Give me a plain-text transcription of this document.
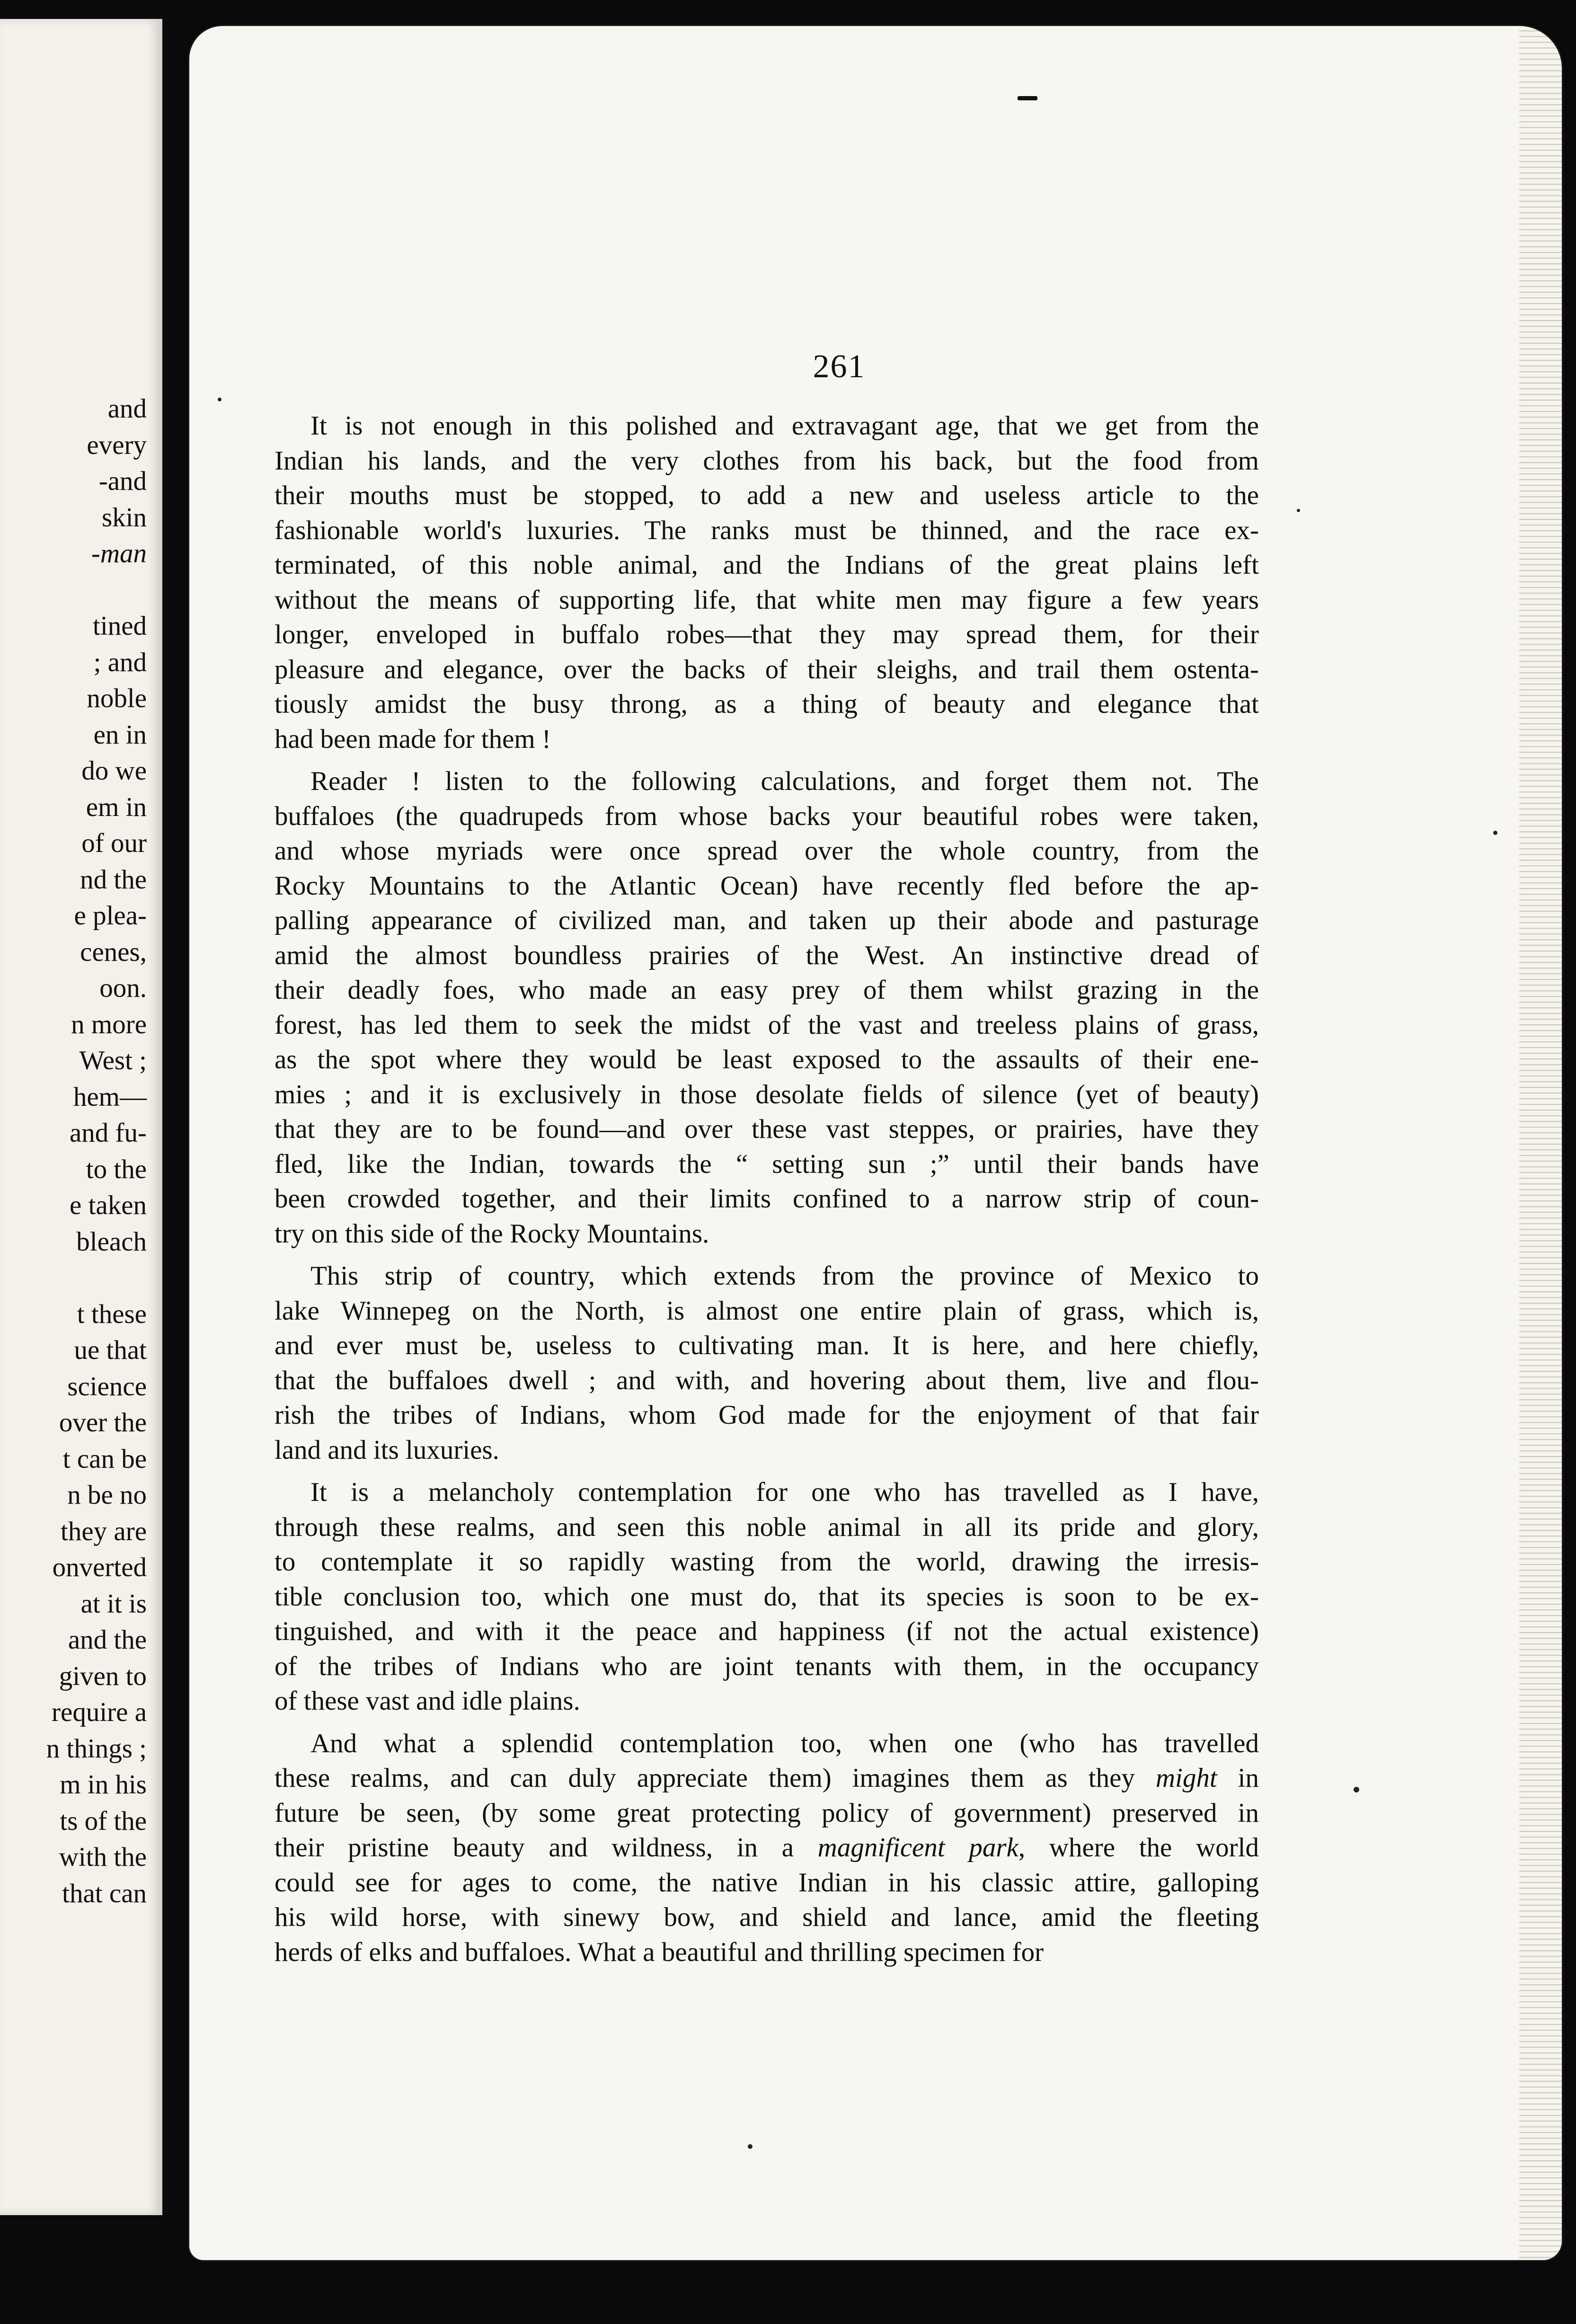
and
every
-and
skin
-man
tined
; and
noble
en in
do we
em in
of our
nd the
e plea-
cenes,
oon.
n more
West ;
hem—
and fu-
to the
e taken
bleach
t these
ue that
science
over the
t can be
n be no
they are
onverted
at it is
and the
given to
require a
n things ;
m in his
ts of the
with the
that can
261
It is not enough in this polished and extravagant age, that we get from the
Indian his lands, and the very clothes from his back, but the food from
their mouths must be stopped, to add a new and useless article to the
fashionable world's luxuries. The ranks must be thinned, and the race ex-
terminated, of this noble animal, and the Indians of the great plains left
without the means of supporting life, that white men may figure a few years
longer, enveloped in buffalo robes—that they may spread them, for their
pleasure and elegance, over the backs of their sleighs, and trail them ostenta-
tiously amidst the busy throng, as a thing of beauty and elegance that
had been made for them !
Reader ! listen to the following calculations, and forget them not. The
buffaloes (the quadrupeds from whose backs your beautiful robes were taken,
and whose myriads were once spread over the whole country, from the
Rocky Mountains to the Atlantic Ocean) have recently fled before the ap-
palling appearance of civilized man, and taken up their abode and pasturage
amid the almost boundless prairies of the West. An instinctive dread of
their deadly foes, who made an easy prey of them whilst grazing in the
forest, has led them to seek the midst of the vast and treeless plains of grass,
as the spot where they would be least exposed to the assaults of their ene-
mies ; and it is exclusively in those desolate fields of silence (yet of beauty)
that they are to be found—and over these vast steppes, or prairies, have they
fled, like the Indian, towards the “ setting sun ;” until their bands have
been crowded together, and their limits confined to a narrow strip of coun-
try on this side of the Rocky Mountains.
This strip of country, which extends from the province of Mexico to
lake Winnepeg on the North, is almost one entire plain of grass, which is,
and ever must be, useless to cultivating man. It is here, and here chiefly,
that the buffaloes dwell ; and with, and hovering about them, live and flou-
rish the tribes of Indians, whom God made for the enjoyment of that fair
land and its luxuries.
It is a melancholy contemplation for one who has travelled as I have,
through these realms, and seen this noble animal in all its pride and glory,
to contemplate it so rapidly wasting from the world, drawing the irresis-
tible conclusion too, which one must do, that its species is soon to be ex-
tinguished, and with it the peace and happiness (if not the actual existence)
of the tribes of Indians who are joint tenants with them, in the occupancy
of these vast and idle plains.
And what a splendid contemplation too, when one (who has travelled
these realms, and can duly appreciate them) imagines them as they might in
future be seen, (by some great protecting policy of government) preserved in
their pristine beauty and wildness, in a magnificent park, where the world
could see for ages to come, the native Indian in his classic attire, galloping
his wild horse, with sinewy bow, and shield and lance, amid the fleeting
herds of elks and buffaloes. What a beautiful and thrilling specimen for
